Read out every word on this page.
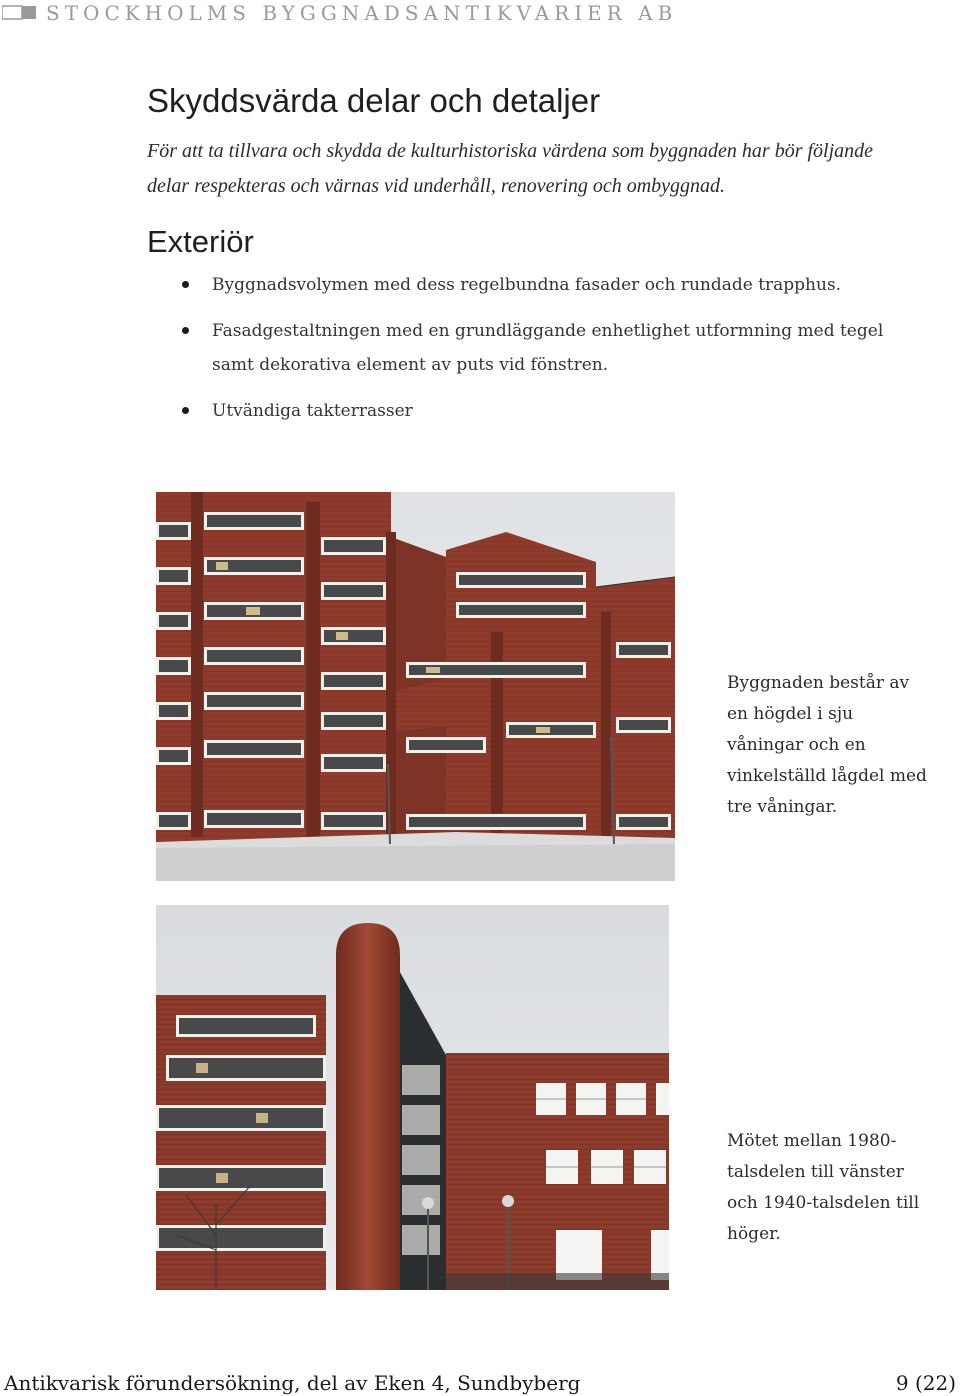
STOCKHOLMS BYGGNADSANTIKVARIER AB
Skyddsvärda delar och detaljer

För att ta tillvara och skydda de kulturhistoriska värdena som byggnaden har bör följande delar respekteras och värnas vid underhåll, renovering och ombyggnad.

Exteriör
Byggnadsvolymen med dess regelbundna fasader och rundade trapphus.
Fasadgestaltningen med en grundläggande enhetlighet utformning med tegel samt dekorativa element av puts vid fönstren.
Utvändiga takterrasser
Byggnaden består av en högdel i sju våningar och en vinkelställd lågdel med tre våningar.
Mötet mellan 1980-talsdelen till vänster och 1940-talsdelen till höger.
Antikvarisk förundersökning, del av Eken 4, Sundbyberg	9 (22)
